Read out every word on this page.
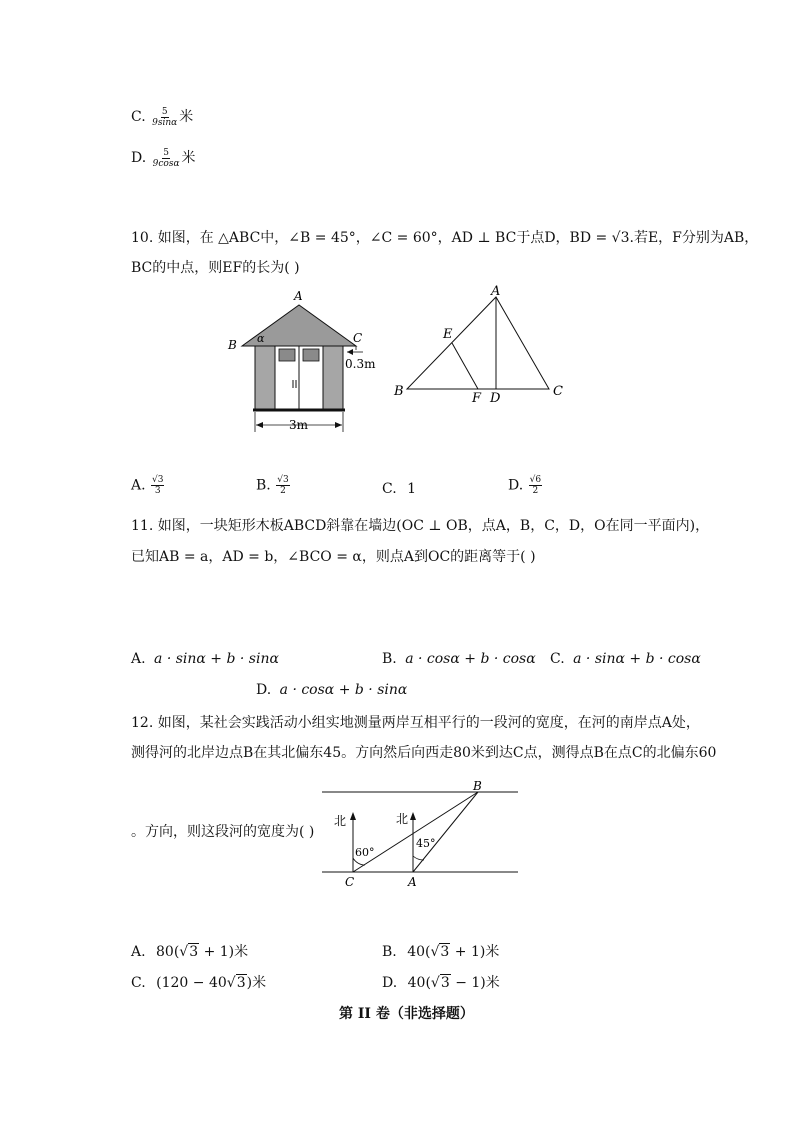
C. $\frac{5}{9\sin\alpha}$ 米
D. $\frac{5}{9\cos\alpha}$ 米
10. 如图，在 △ABC中，∠B = 45°，∠C = 60°，AD ⊥ BC于点D，BD = √3.若E，F分别为AB，
BC的中点，则EF的长为( )
A
B	C
α
0.3m
3m
A
B	C
D
F
E
A. $\frac{√3}{3}$	B. $\frac{√3}{2}$	C. 1	D. $\frac{√6}{2}$
11. 如图，一块矩形木板ABCD斜靠在墙边(OC ⊥ OB，点A，B，C，D，O在同一平面内)，
已知AB = a，AD = b，∠BCO = α，则点A到OC的距离等于( )
A. a · sinα + b · sinα	B. a · cosα + b · cosα C. a · sinα + b · cosα
D. a · cosα + b · sinα
12. 如图，某社会实践活动小组实地测量两岸互相平行的一段河的宽度，在河的南岸点A处，
测得河的北岸边点B在其北偏东45。方向然后向西走80米到达C点，测得点B在点C的北偏东60
。方向，则这段河的宽度为( )
北	北
60°
45°
B
C	A
A. 80(√3 + 1)米	B. 40(√3 + 1)米
C. (120 − 40√3)米	D. 40(√3 − 1)米
第 II 卷（非选择题）
